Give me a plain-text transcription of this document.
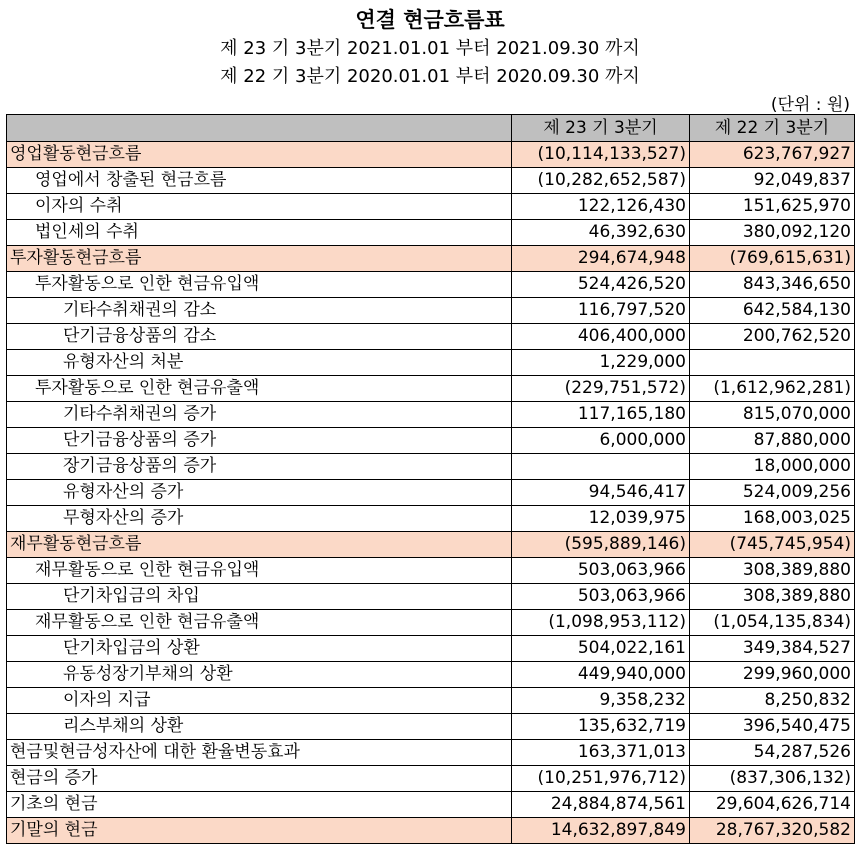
연결 현금흐름표
제 23 기 3분기 2021.01.01 부터 2021.09.30 까지
제 22 기 3분기 2020.01.01 부터 2020.09.30 까지
(단위 : 원)
	제 23 기 3분기	제 22 기 3분기
영업활동현금흐름	(10,114,133,527)	623,767,927
영업에서 창출된 현금흐름	(10,282,652,587)	92,049,837
이자의 수취	122,126,430	151,625,970
법인세의 수취	46,392,630	380,092,120
투자활동현금흐름	294,674,948	(769,615,631)
투자활동으로 인한 현금유입액	524,426,520	843,346,650
기타수취채권의 감소	116,797,520	642,584,130
단기금융상품의 감소	406,400,000	200,762,520
유형자산의 처분	1,229,000	
투자활동으로 인한 현금유출액	(229,751,572)	(1,612,962,281)
기타수취채권의 증가	117,165,180	815,070,000
단기금융상품의 증가	6,000,000	87,880,000
장기금융상품의 증가		18,000,000
유형자산의 증가	94,546,417	524,009,256
무형자산의 증가	12,039,975	168,003,025
재무활동현금흐름	(595,889,146)	(745,745,954)
재무활동으로 인한 현금유입액	503,063,966	308,389,880
단기차입금의 차입	503,063,966	308,389,880
재무활동으로 인한 현금유출액	(1,098,953,112)	(1,054,135,834)
단기차입금의 상환	504,022,161	349,384,527
유동성장기부채의 상환	449,940,000	299,960,000
이자의 지급	9,358,232	8,250,832
리스부채의 상환	135,632,719	396,540,475
현금및현금성자산에 대한 환율변동효과	163,371,013	54,287,526
현금의 증가	(10,251,976,712)	(837,306,132)
기초의 현금	24,884,874,561	29,604,626,714
기말의 현금	14,632,897,849	28,767,320,582
